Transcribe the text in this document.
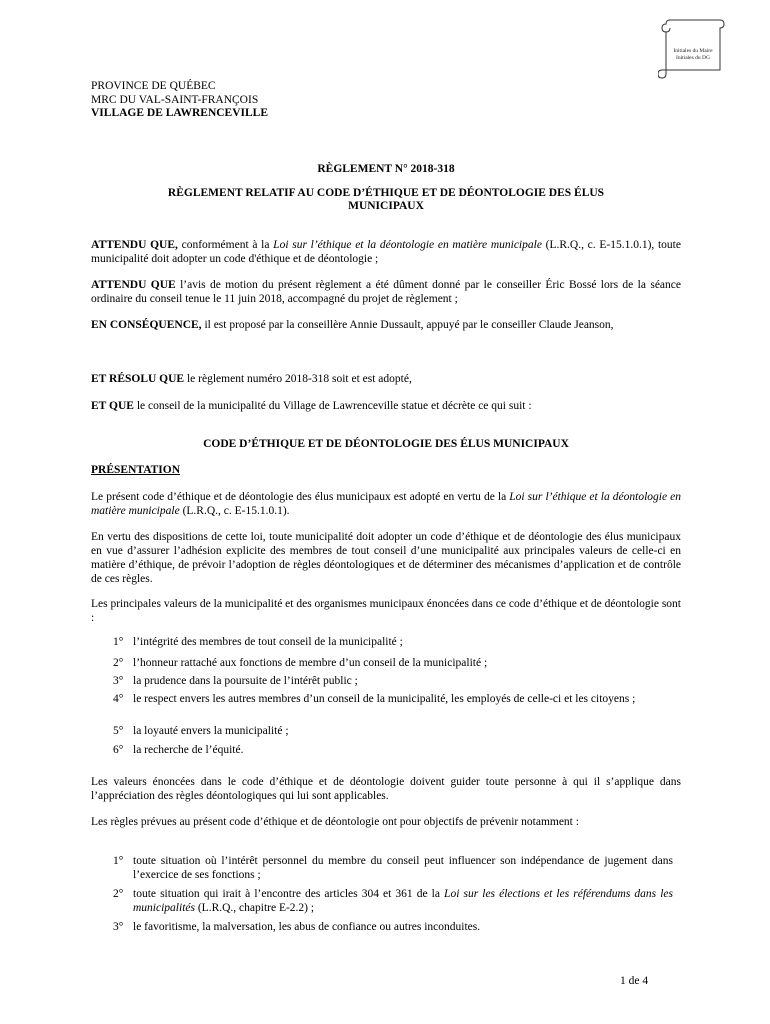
Initiales du Maire
Initiales du DG
PROVINCE DE QUÉBEC
MRC DU VAL-SAINT-FRANÇOIS
VILLAGE DE LAWRENCEVILLE
RÈGLEMENT N° 2018-318
RÈGLEMENT RELATIF AU CODE D’ÉTHIQUE ET DE DÉONTOLOGIE DES ÉLUS
MUNICIPAUX
ATTENDU QUE, conformément à la Loi sur l’éthique et la déontologie en matière municipale (L.R.Q., c. E-15.1.0.1), toute municipalité doit adopter un code d'éthique et de déontologie ;
ATTENDU QUE l’avis de motion du présent règlement a été dûment donné par le conseiller Éric Bossé lors de la séance ordinaire du conseil tenue le 11 juin 2018, accompagné du projet de règlement ;
EN CONSÉQUENCE, il est proposé par la conseillère Annie Dussault, appuyé par le conseiller Claude Jeanson,
ET RÉSOLU QUE le règlement numéro 2018-318 soit et est adopté,
ET QUE le conseil de la municipalité du Village de Lawrenceville statue et décrète ce qui suit :
CODE D’ÉTHIQUE ET DE DÉONTOLOGIE DES ÉLUS MUNICIPAUX
PRÉSENTATION
Le présent code d’éthique et de déontologie des élus municipaux est adopté en vertu de la Loi sur l’éthique et la déontologie en matière municipale (L.R.Q., c. E-15.1.0.1).
En vertu des dispositions de cette loi, toute municipalité doit adopter un code d’éthique et de déontologie des élus municipaux en vue d’assurer l’adhésion explicite des membres de tout conseil d’une municipalité aux principales valeurs de celle-ci en matière d’éthique, de prévoir l’adoption de règles déontologiques et de déterminer des mécanismes d’application et de contrôle de ces règles.
Les principales valeurs de la municipalité et des organismes municipaux énoncées dans ce code d’éthique et de déontologie sont :
1° l’intégrité des membres de tout conseil de la municipalité ;
2° l’honneur rattaché aux fonctions de membre d’un conseil de la municipalité ;
3° la prudence dans la poursuite de l’intérêt public ;
4° le respect envers les autres membres d’un conseil de la municipalité, les employés de celle-ci et les citoyens ;
5° la loyauté envers la municipalité ;
6° la recherche de l’équité.
Les valeurs énoncées dans le code d’éthique et de déontologie doivent guider toute personne à qui il s’applique dans l’appréciation des règles déontologiques qui lui sont applicables.
Les règles prévues au présent code d’éthique et de déontologie ont pour objectifs de prévenir notamment :
1° toute situation où l’intérêt personnel du membre du conseil peut influencer son indépendance de jugement dans l’exercice de ses fonctions ;
2° toute situation qui irait à l’encontre des articles 304 et 361 de la Loi sur les élections et les référendums dans les municipalités (L.R.Q., chapitre E-2.2) ;
3° le favoritisme, la malversation, les abus de confiance ou autres inconduites.
1 de 4
